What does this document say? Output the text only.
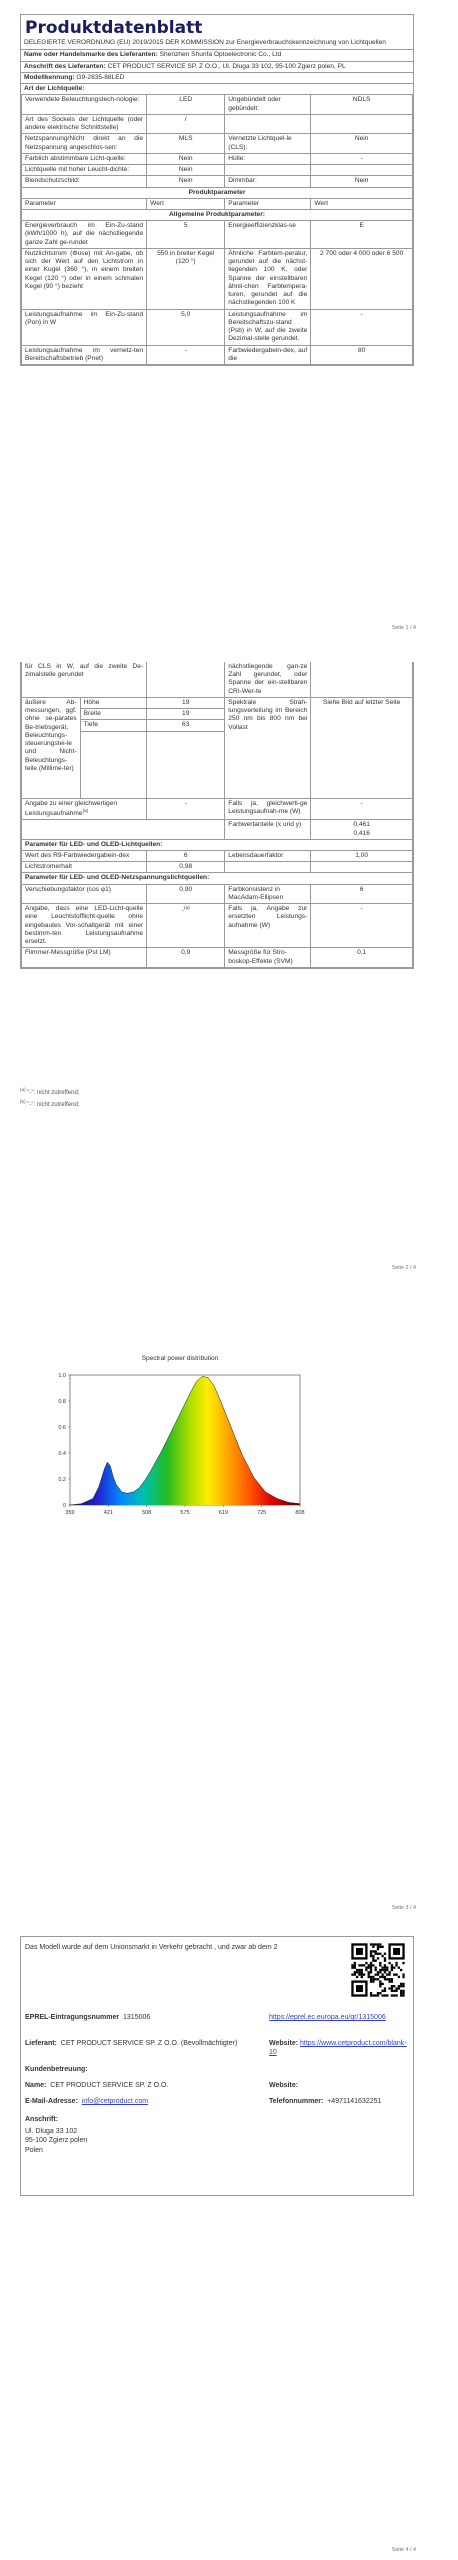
Produktdatenblatt
DELEGIERTE VERORDNUNG (EU) 2019/2015 DER KOMMISSION zur Energieverbrauchskennzeichnung von Lichtquellen
Name oder Handelsmarke des Lieferanten: Shenzhen Shunfa Optoelectronic Co., Ltd
Anschrift des Lieferanten: CET PRODUCT SERVICE SP. Z O.O., Ul. Dluga 33 102, 95-100 Zgierz polen, PL
Modellkennung: G9-2835-88LED
Art der Lichtquelle:
Verwendete Beleuchtungstech-nologie:	LED	Ungebündelt oder gebündelt:	NDLS
Art des Sockels der Lichtquelle (oder andere elektrische Schnittstelle)	/		
Netzspannung/Nicht direkt an die Netzspannung angeschlos-sen:	MLS	Vernetzte Lichtquel-le (CLS):	Nein
Farblich abstimmbare Licht-quelle:	Nein	Hülle:	-
Lichtquelle mit hoher Leucht-dichte:	Nein		
Blendschutzschild:	Nein	Dimmbar:	Nein
Produktparameter			
Parameter	Wert	Parameter	Wert
Allgemeine Produktparameter:			
Energieverbrauch im Ein-Zu-stand (kWh/1000 h), auf die nächstliegende ganze Zahl ge-rundet	5	Energieeffizienzklas-se	E
Nutzlichtstrom (Φuse) mit An-gabe, ob sich der Wert auf den Lichtstrom in einer Kugel (360 °), in einem breiten Kegel (120 °) oder in einem schmalen Kegel (90 °) bezieht	550 in breiter Kegel (120 °)	Ähnliche Farbtem-peratur, gerundet auf die nächst-liegenden 100 K, oder Spanne der einstellbaren ähnli-chen Farbtempera-turen, gerundet auf die nächstliegenden 100 K	2 700 oder 4 000 oder 6 500
Leistungsaufnahme im Ein-Zu-stand (Pon) in W	5,0	Leistungsaufnahme im Bereitschaftszu-stand (Psb) in W, auf die zweite Dezimal-stelle gerundet.	-
Leistungsaufnahme im vernetz-ten Bereitschaftsbetrieb (Pnet)	-	Farbwiedergabein-dex, auf die	80
Seite 1 / 4
für CLS in W, auf die zweite De-zimalstelle gerundet			nächstliegende gan-ze Zahl gerundet, oder Spanne der ein-stellbaren CRI-Wer-te	
äußere Ab-messungen, ggf. ohne se-parates Be-triebsgerät, Beleuchtungs-steuerungstei-le und Nicht-Beleuchtungs-teile (Millime-ter)	Höhe	19	Spektrale Strah-lungsverteilung im Bereich 250 nm bis 800 nm bei Vollast	Siehe Bild auf letzter Seite
	Breite	19		
	Tiefe	63		

Angabe zu einer gleichwertigen Leistungsaufnahme$^{(a)}$		-	Falls ja, gleichwerti-ge Leistungsaufnah-me (W)	-
			Farbwertanteile (x und y)	0,461
0,416

Parameter für LED- und OLED-Lichtquellen:				
Wert des R9-Farbwiedergabein-dex		6	Lebensdauerfaktor	1,00
Lichtstromerhalt		0,98		
Parameter für LED- und OLED-Netzspannungslichtquellen:				
Verschiebungsfaktor (cos φ1)		0,90	Farbkonsistenz in MacAdam-Ellipsen	6
Angabe, dass eine LED-Licht-quelle eine Leuchtstofflicht-quelle ohne eingebautes Vor-schaltgerät mit einer bestimm-ten Leistungsaufnahme ersetzt.		-$^{(a)}$	Falls ja, Angabe zur ersetzten Leistungs-aufnahme (W)	-
Flimmer-Messgröße (Pst LM)		0,9	Messgröße für Stro-boskop-Effekte (SVM)	0,1
$^{(a)}$ "-": nicht zutreffend;
$^{(b)}$ "-": nicht zutreffend;
Seite 2 / 4
Spectral power distribution
0
0.2
0.4
0.6
0.8
1.0
359	421	508	575	619	725	808
Seite 3 / 4
Das Modell wurde auf dem Unionsmarkt in Verkehr gebracht , und zwar ab dem 2
EPREL-Eintragungsnummer 1315006	https://eprel.ec.europa.eu/qr/1315006
Lieferant: CET PRODUCT SERVICE SP. Z O.O. (Bevollmächtigter)	Website: https://www.cetproduct.com/blank-10
Kundenbetreuung:
Name: CET PRODUCT SERVICE SP. Z O.O.	Website:
E-Mail-Adresse: info@cetproduct.com	Telefonnummer: +4971141632251
Anschrift:
Ul. Dluga 33 102
95-100 Zgierz polen
Polen
Seite 4 / 4
